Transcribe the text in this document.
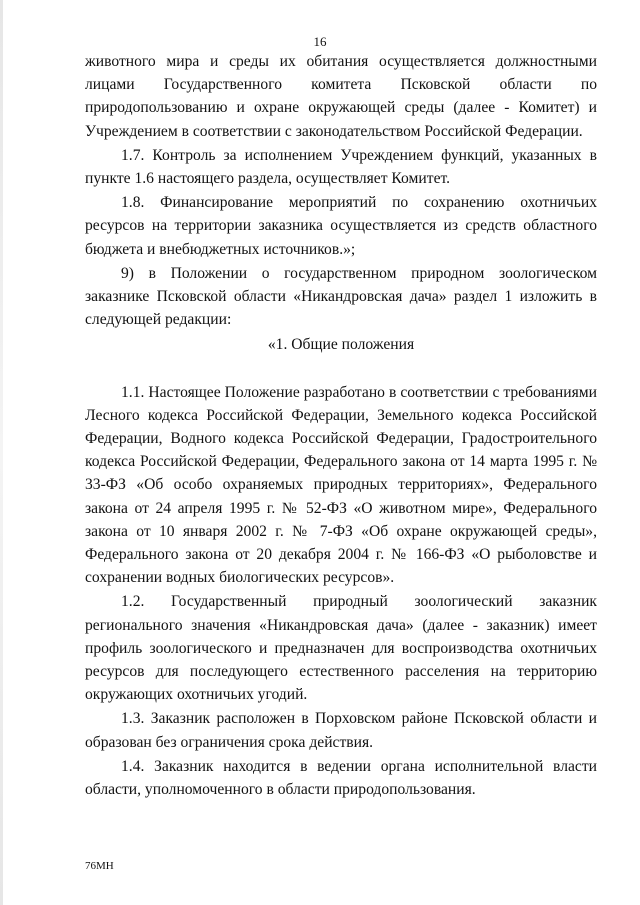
16

животного мира и среды их обитания осуществляется должностными лицами Государственного комитета Псковской области по природопользованию и охране окружающей среды (далее - Комитет) и Учреждением в соответствии с законодательством Российской Федерации.

1.7. Контроль за исполнением Учреждением функций, указанных в пункте 1.6 настоящего раздела, осуществляет Комитет.

1.8. Финансирование мероприятий по сохранению охотничьих ресурсов на территории заказника осуществляется из средств областного бюджета и внебюджетных источников.»;

9) в Положении о государственном природном зоологическом заказнике Псковской области «Никандровская дача» раздел 1 изложить в следующей редакции:

«1. Общие положения

1.1. Настоящее Положение разработано в соответствии с требованиями Лесного кодекса Российской Федерации, Земельного кодекса Российской Федерации, Водного кодекса Российской Федерации, Градостроительного кодекса Российской Федерации, Федерального закона от 14 марта 1995 г. № 33-ФЗ «Об особо охраняемых природных территориях», Федерального закона от 24 апреля 1995 г. № 52-ФЗ «О животном мире», Федерального закона от 10 января 2002 г. № 7-ФЗ «Об охране окружающей среды», Федерального закона от 20 декабря 2004 г. № 166-ФЗ «О рыболовстве и сохранении водных биологических ресурсов».

1.2. Государственный природный зоологический заказник регионального значения «Никандровская дача» (далее - заказник) имеет профиль зоологического и предназначен для воспроизводства охотничьих ресурсов для последующего естественного расселения на территорию окружающих охотничьих угодий.

1.3. Заказник расположен в Порховском районе Псковской области и образован без ограничения срока действия.

1.4. Заказник находится в ведении органа исполнительной власти области, уполномоченного в области природопользования.

76МН
